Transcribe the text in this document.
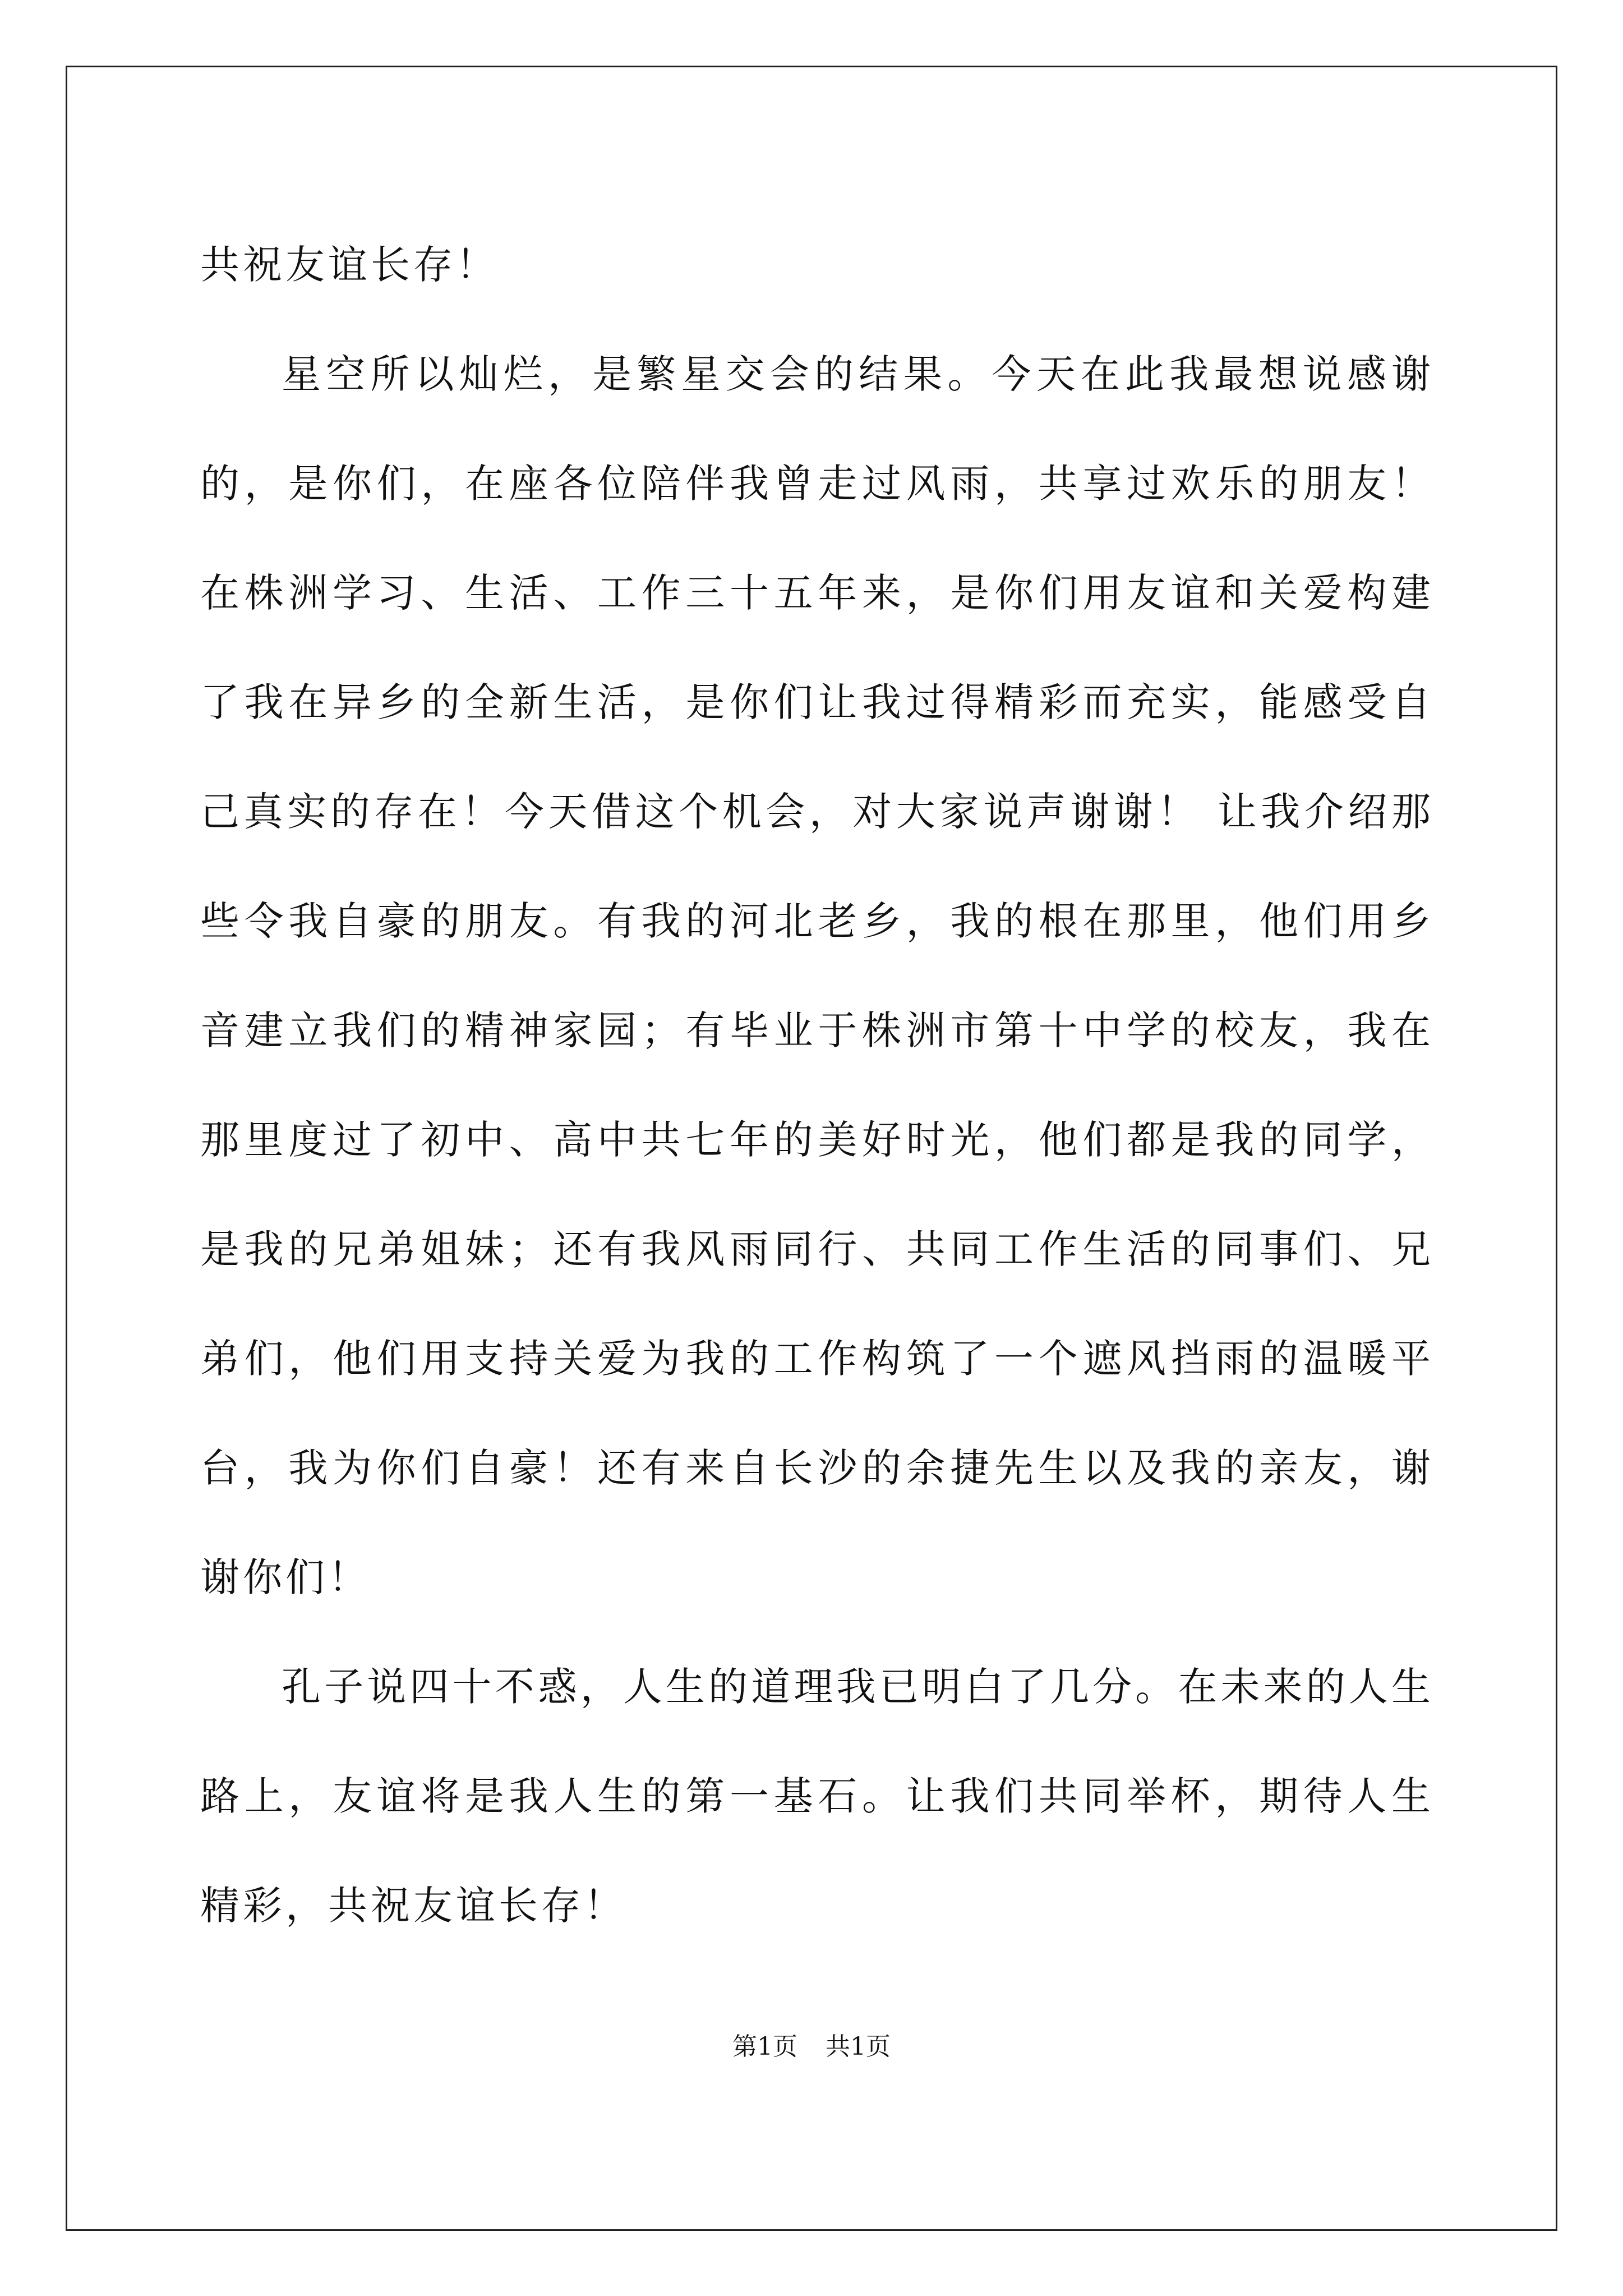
共祝友谊长存！

星空所以灿烂，是繁星交会的结果。今天在此我最想说感谢的，是你们，在座各位陪伴我曾走过风雨，共享过欢乐的朋友！在株洲学习、生活、工作三十五年来，是你们用友谊和关爱构建了我在异乡的全新生活，是你们让我过得精彩而充实，能感受自己真实的存在！今天借这个机会，对大家说声谢谢！ 让我介绍那些令我自豪的朋友。有我的河北老乡，我的根在那里，他们用乡音建立我们的精神家园；有毕业于株洲市第十中学的校友，我在那里度过了初中、高中共七年的美好时光，他们都是我的同学，是我的兄弟姐妹；还有我风雨同行、共同工作生活的同事们、兄弟们，他们用支持关爱为我的工作构筑了一个遮风挡雨的温暖平台，我为你们自豪！还有来自长沙的余捷先生以及我的亲友，谢谢你们！

孔子说四十不惑，人生的道理我已明白了几分。在未来的人生路上，友谊将是我人生的第一基石。让我们共同举杯，期待人生精彩，共祝友谊长存！

第1页 共1页
